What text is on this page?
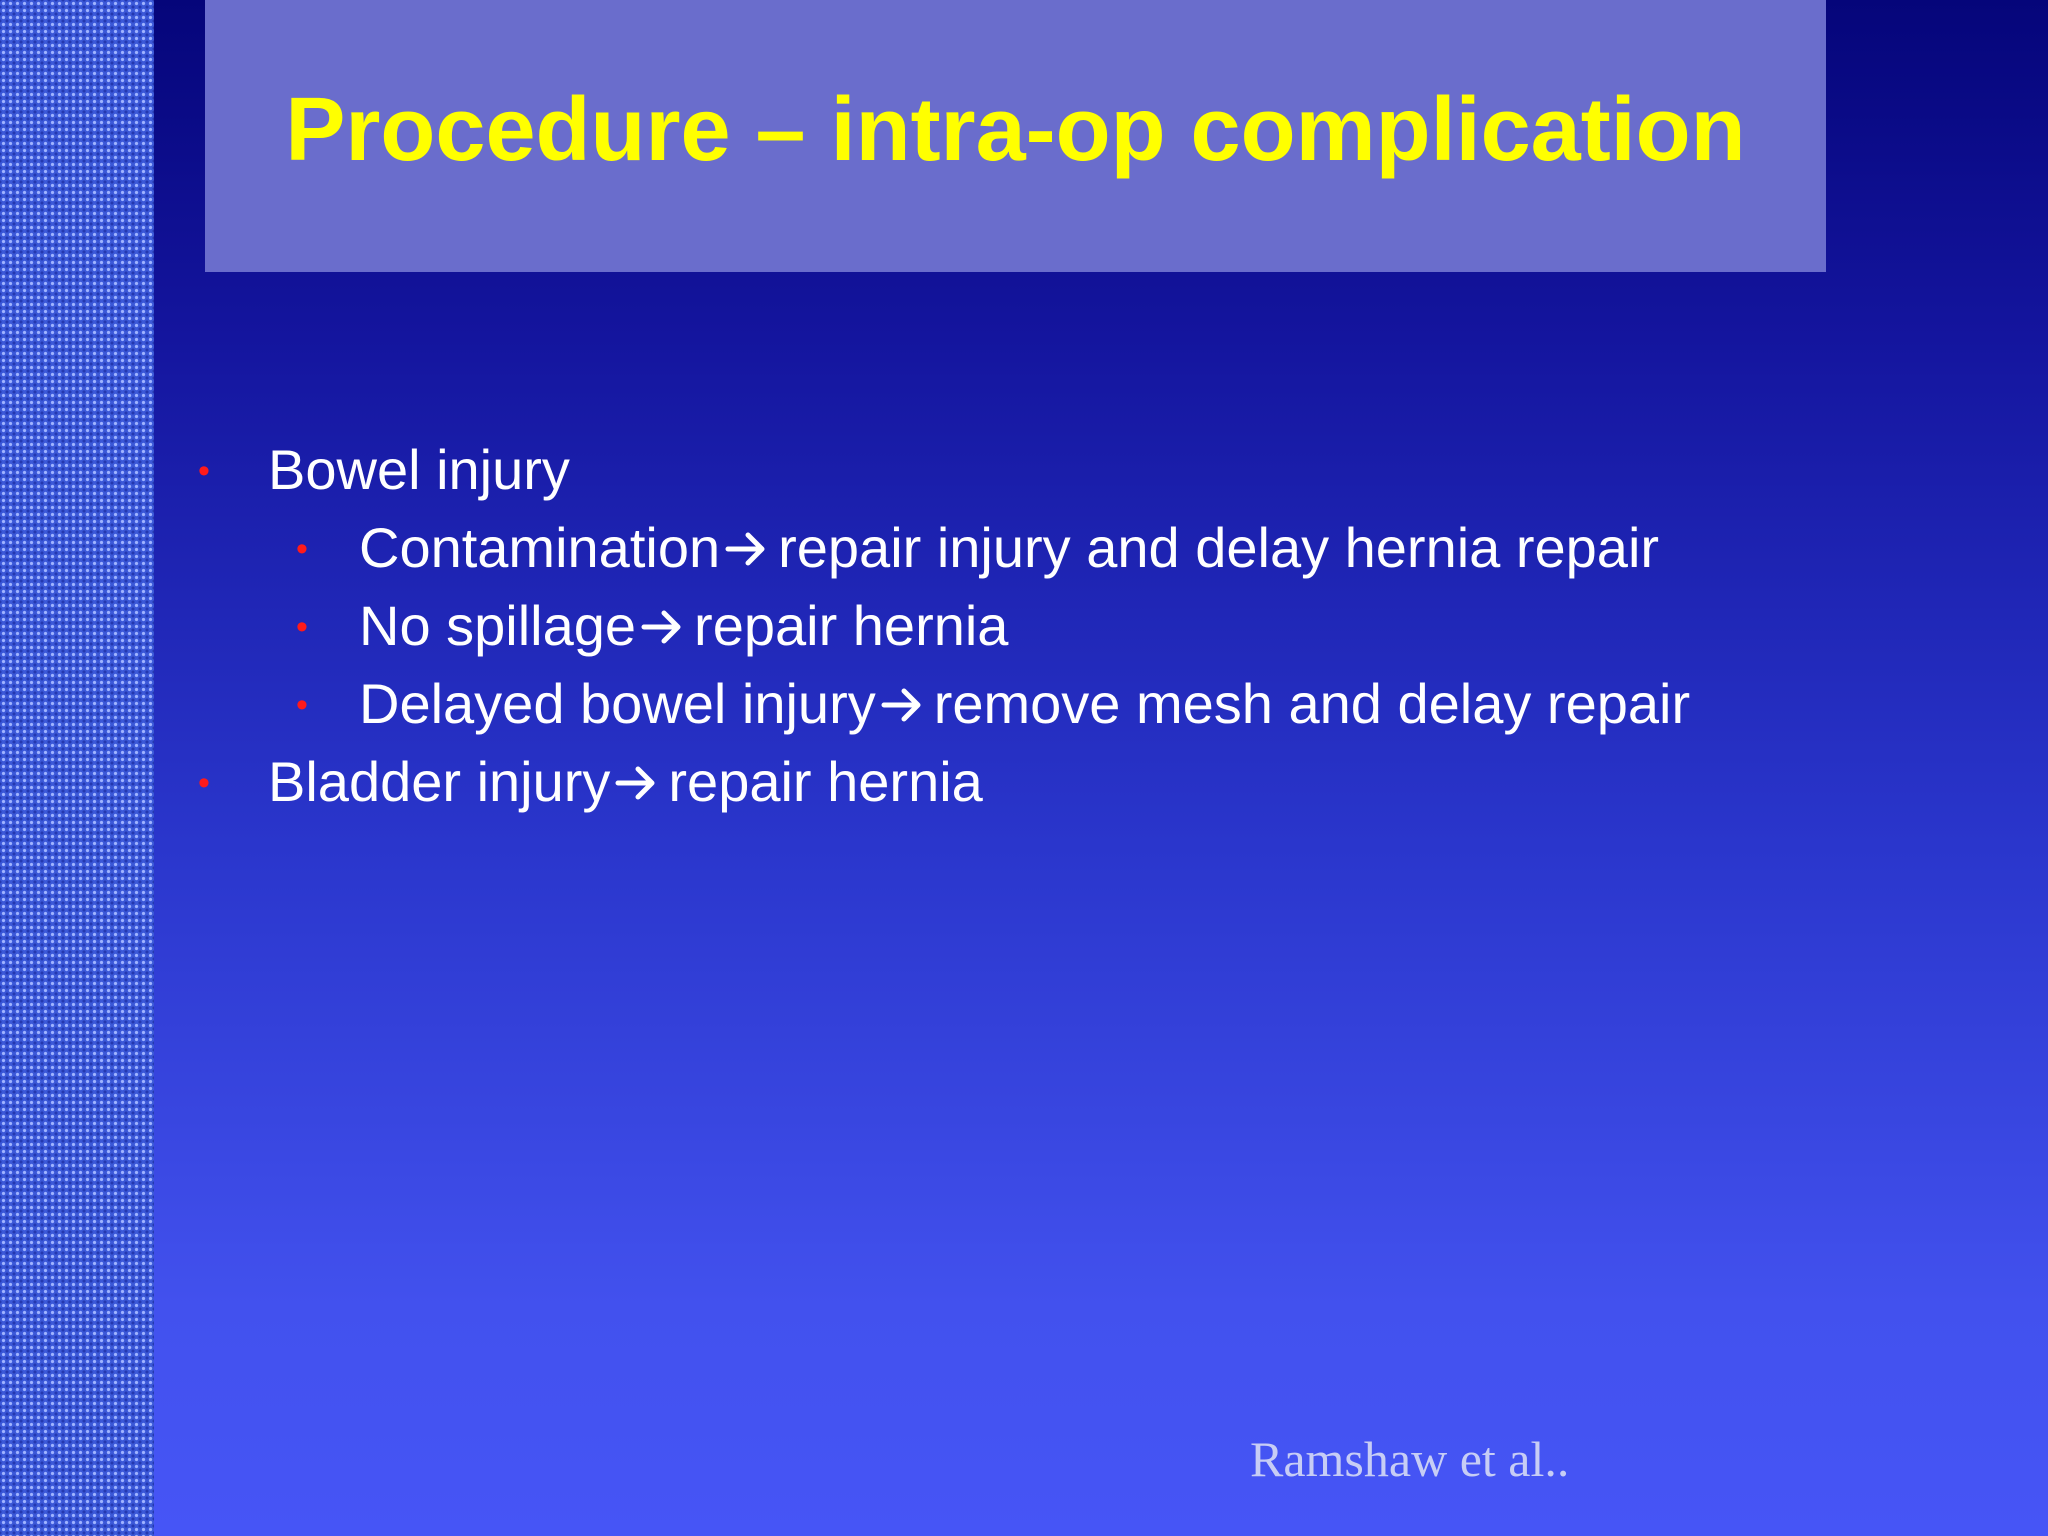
Procedure – intra-op complication
• Bowel injury
• Contamination repair injury and delay hernia repair
• No spillage repair hernia
• Delayed bowel injury remove mesh and delay repair
• Bladder injury repair hernia
Ramshaw et al..
